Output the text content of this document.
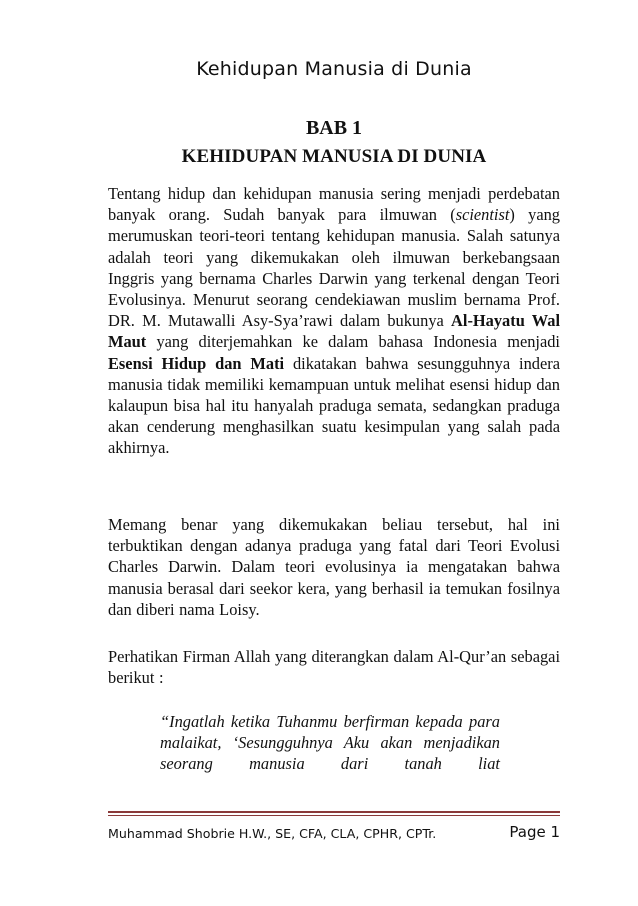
Kehidupan Manusia di Dunia
BAB 1
KEHIDUPAN MANUSIA DI DUNIA

Tentang hidup dan kehidupan manusia sering menjadi perdebatan banyak orang. Sudah banyak para ilmuwan (scientist) yang merumuskan teori-teori tentang kehidupan manusia. Salah satunya adalah teori yang dikemukakan oleh ilmuwan berkebangsaan Inggris yang bernama Charles Darwin yang terkenal dengan Teori Evolusinya. Menurut seorang cendekiawan muslim bernama Prof. DR. M. Mutawalli Asy-Sya’rawi dalam bukunya Al-Hayatu Wal Maut yang diterjemahkan ke dalam bahasa Indonesia menjadi Esensi Hidup dan Mati dikatakan bahwa sesungguhnya indera manusia tidak memiliki kemampuan untuk melihat esensi hidup dan kalaupun bisa hal itu hanyalah praduga semata, sedangkan praduga akan cenderung menghasilkan suatu kesimpulan yang salah pada akhirnya.

Memang benar yang dikemukakan beliau tersebut, hal ini terbuktikan dengan adanya praduga yang fatal dari Teori Evolusi Charles Darwin. Dalam teori evolusinya ia mengatakan bahwa manusia berasal dari seekor kera, yang berhasil ia temukan fosilnya dan diberi nama Loisy.

Perhatikan Firman Allah yang diterangkan dalam Al-Qur’an sebagai berikut :

“Ingatlah ketika Tuhanmu berfirman kepada para malaikat, ‘Sesungguhnya Aku akan menjadikan seorang manusia dari tanah liat

Muhammad Shobrie H.W., SE, CFA, CLA, CPHR, CPTr.	Page 1
